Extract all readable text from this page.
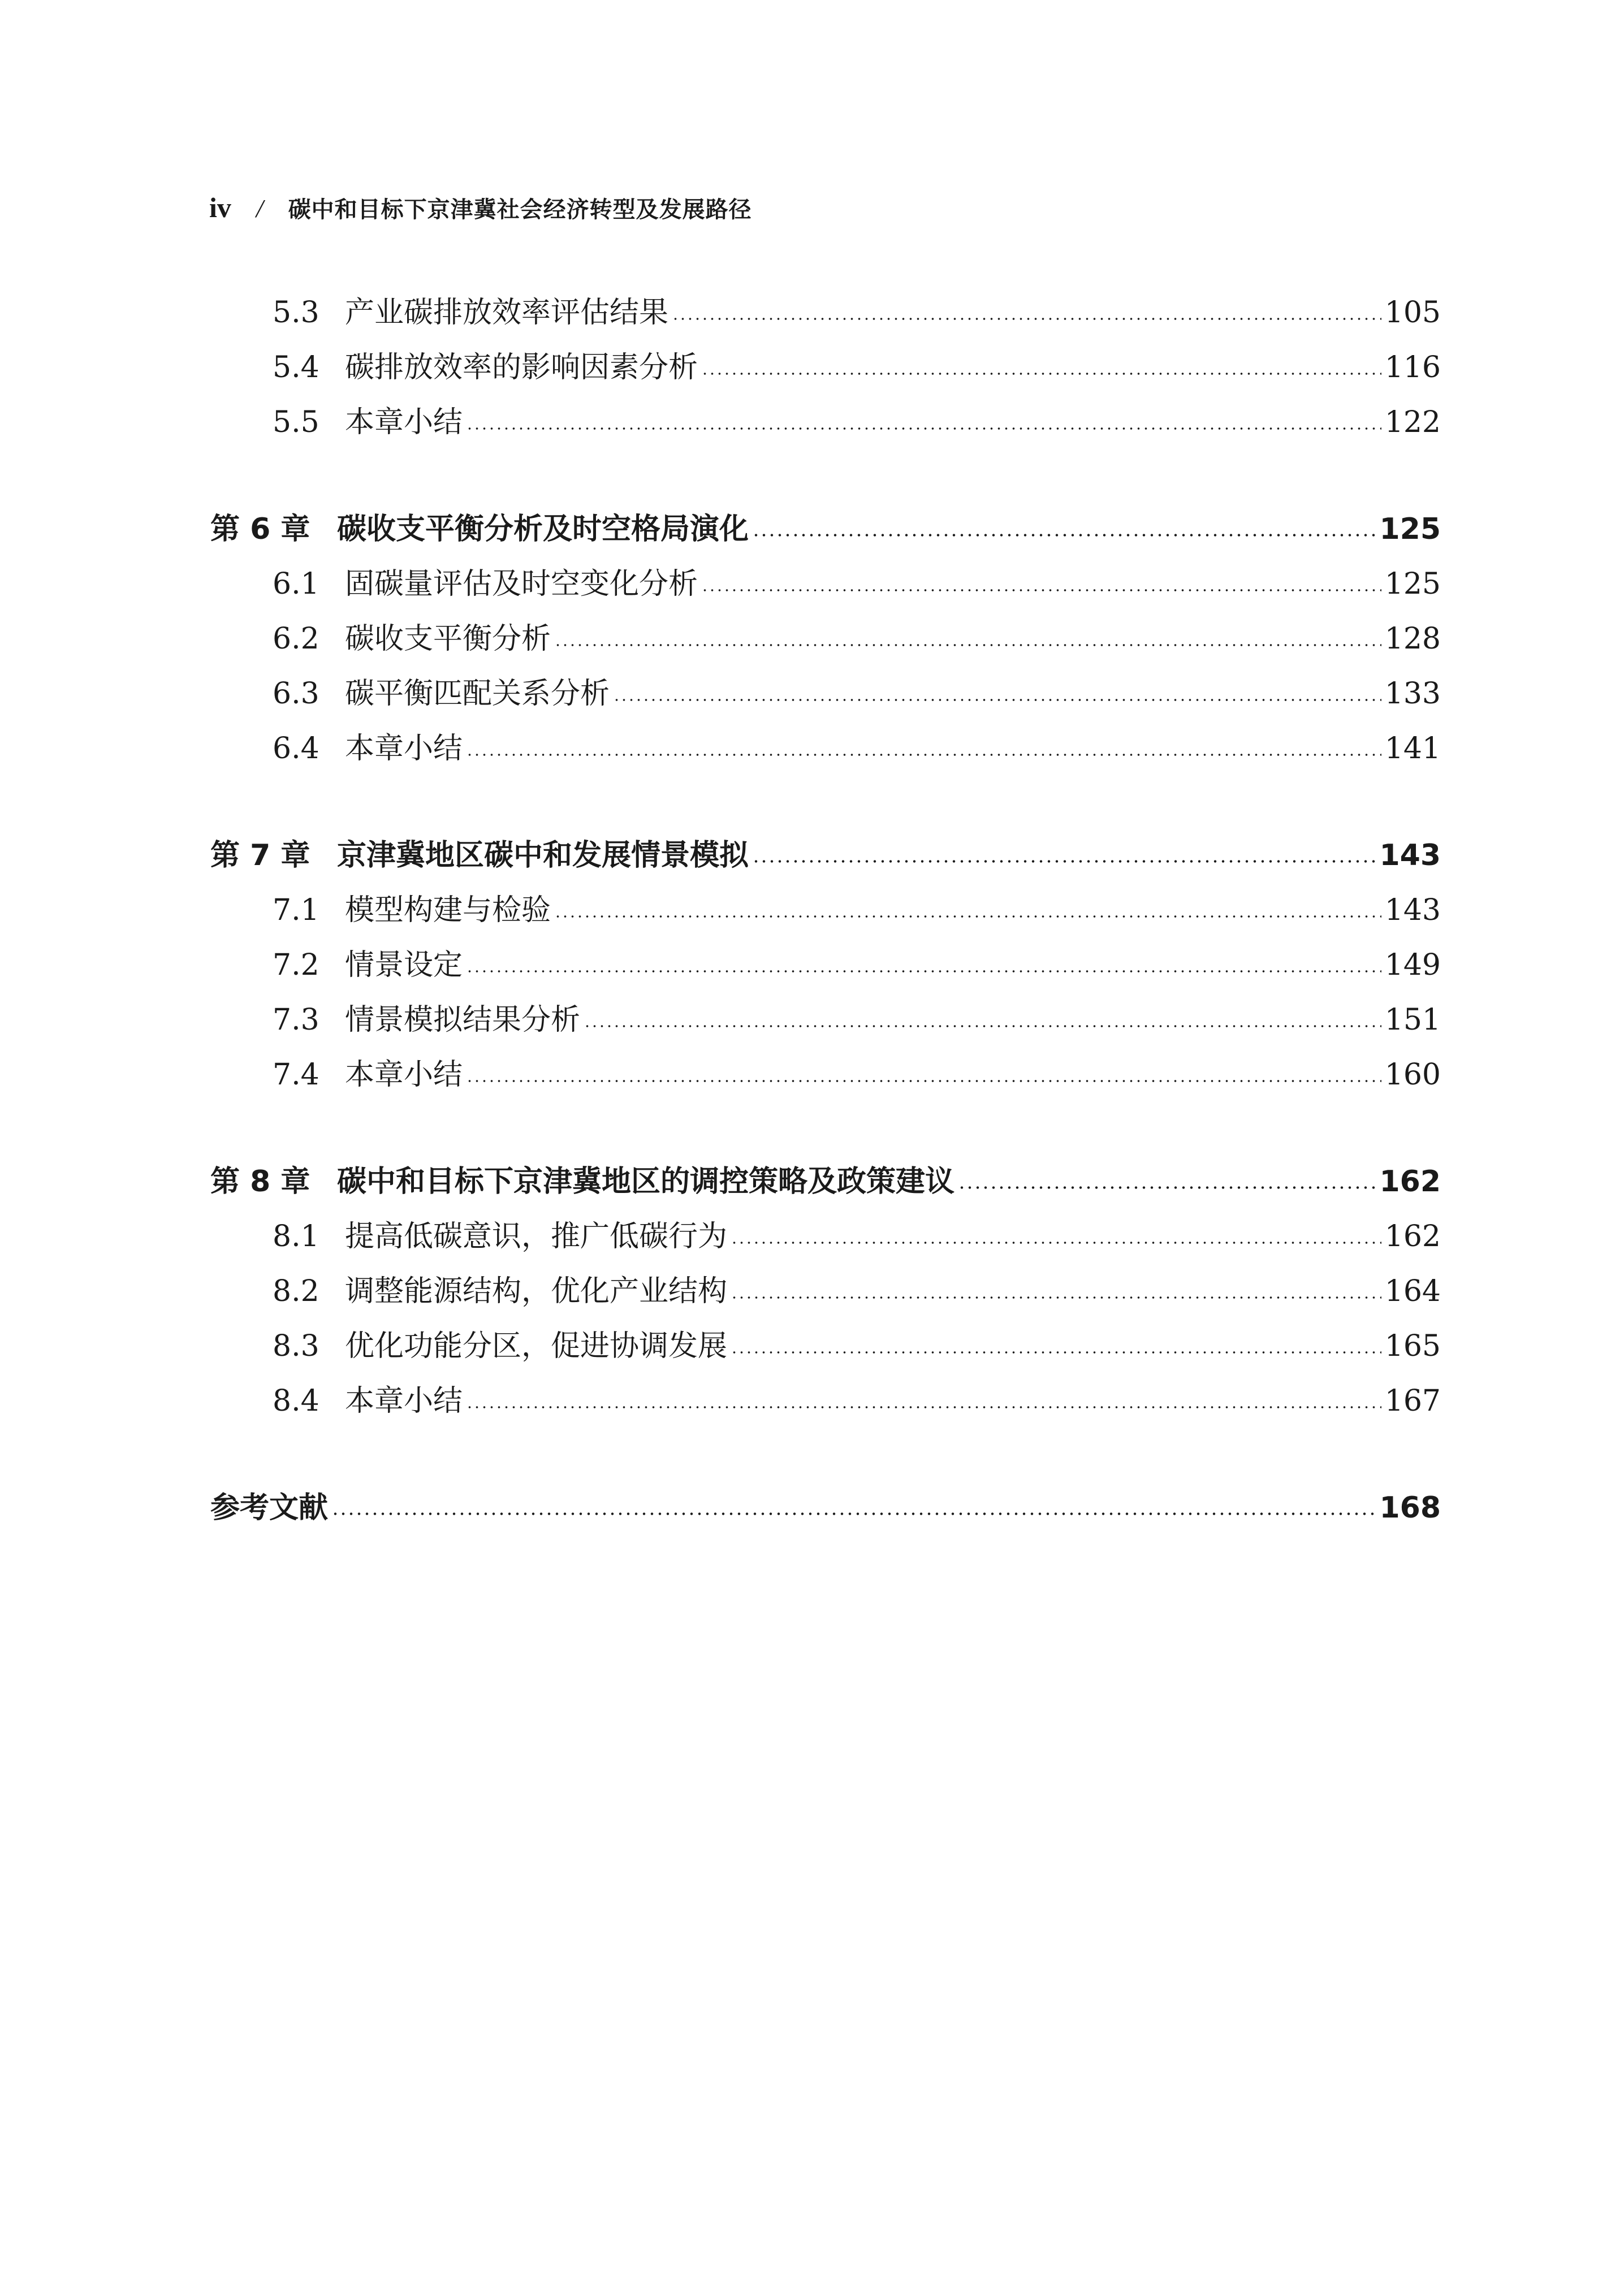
iv / 碳中和目标下京津冀社会经济转型及发展路径
5.3 产业碳排放效率评估结果	105
5.4 碳排放效率的影响因素分析	116
5.5 本章小结	122
第 6 章 碳收支平衡分析及时空格局演化	125
6.1 固碳量评估及时空变化分析	125
6.2 碳收支平衡分析	128
6.3 碳平衡匹配关系分析	133
6.4 本章小结	141
第 7 章 京津冀地区碳中和发展情景模拟	143
7.1 模型构建与检验	143
7.2 情景设定	149
7.3 情景模拟结果分析	151
7.4 本章小结	160
第 8 章 碳中和目标下京津冀地区的调控策略及政策建议	162
8.1 提高低碳意识，推广低碳行为	162
8.2 调整能源结构，优化产业结构	164
8.3 优化功能分区，促进协调发展	165
8.4 本章小结	167
参考文献	168
